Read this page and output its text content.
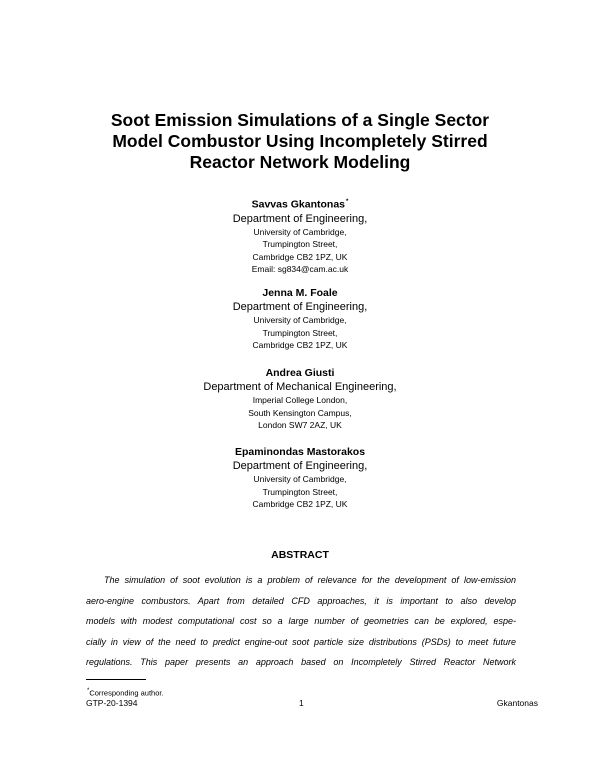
Soot Emission Simulations of a Single Sector
Model Combustor Using Incompletely Stirred
Reactor Network Modeling
Savvas Gkantonas*
Department of Engineering,
University of Cambridge,
Trumpington Street,
Cambridge CB2 1PZ, UK
Email: sg834@cam.ac.uk
Jenna M. Foale
Department of Engineering,
University of Cambridge,
Trumpington Street,
Cambridge CB2 1PZ, UK
Andrea Giusti
Department of Mechanical Engineering,
Imperial College London,
South Kensington Campus,
London SW7 2AZ, UK
Epaminondas Mastorakos
Department of Engineering,
University of Cambridge,
Trumpington Street,
Cambridge CB2 1PZ, UK
ABSTRACT
The simulation of soot evolution is a problem of relevance for the development of low-emission
aero-engine combustors. Apart from detailed CFD approaches, it is important to also develop
models with modest computational cost so a large number of geometries can be explored, espe-
cially in view of the need to predict engine-out soot particle size distributions (PSDs) to meet future
regulations. This paper presents an approach based on Incompletely Stirred Reactor Network
*Corresponding author.
GTP-20-1394	1	Gkantonas
